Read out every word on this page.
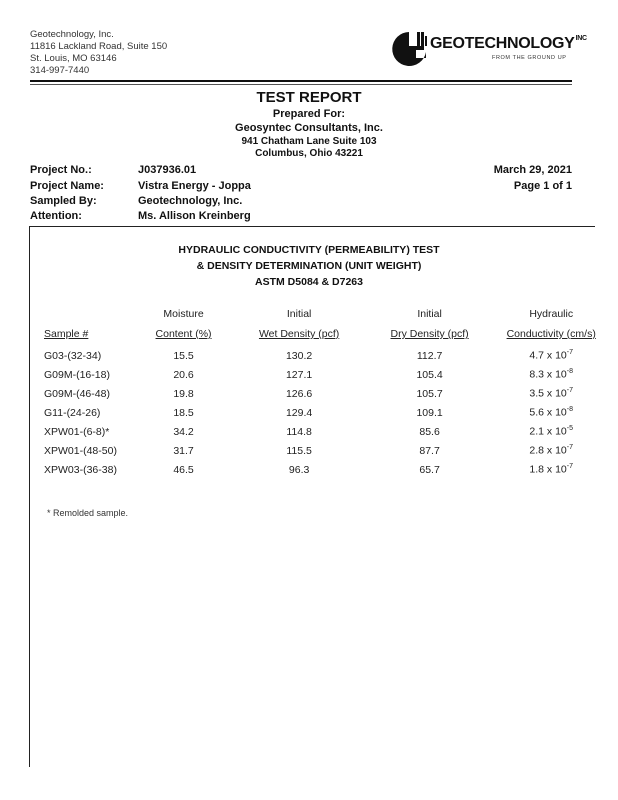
Geotechnology, Inc.
11816 Lackland Road, Suite 150
St. Louis, MO 63146
314-997-7440
$GEOTECHNOLOGY^{INC}$
FROM THE GROUND UP
TEST REPORT
Prepared For:
Geosyntec Consultants, Inc.
941 Chatham Lane Suite 103
Columbus, Ohio 43221
Project No.:	J037936.01	March 29, 2021
Project Name:	Vistra Energy - Joppa	Page 1 of 1
Sampled By:	Geotechnology, Inc.
Attention:	Ms. Allison Kreinberg
HYDRAULIC CONDUCTIVITY (PERMEABILITY) TEST
& DENSITY DETERMINATION (UNIT WEIGHT)
ASTM D5084 & D7263
	Moisture	Initial	Initial	Hydraulic
Sample #	Content (%)	Wet Density (pcf)	Dry Density (pcf)	Conductivity (cm/s)

G03-(32-34)	15.5	130.2	112.7	4.7 x $10^{-7}$
G09M-(16-18)	20.6	127.1	105.4	8.3 x $10^{-8}$
G09M-(46-48)	19.8	126.6	105.7	3.5 x $10^{-7}$
G11-(24-26)	18.5	129.4	109.1	5.6 x $10^{-8}$
XPW01-(6-8)*	34.2	114.8	85.6	2.1 x $10^{-5}$
XPW01-(48-50)	31.7	115.5	87.7	2.8 x $10^{-7}$
XPW03-(36-38)	46.5	96.3	65.7	1.8 x $10^{-7}$
* Remolded sample.
